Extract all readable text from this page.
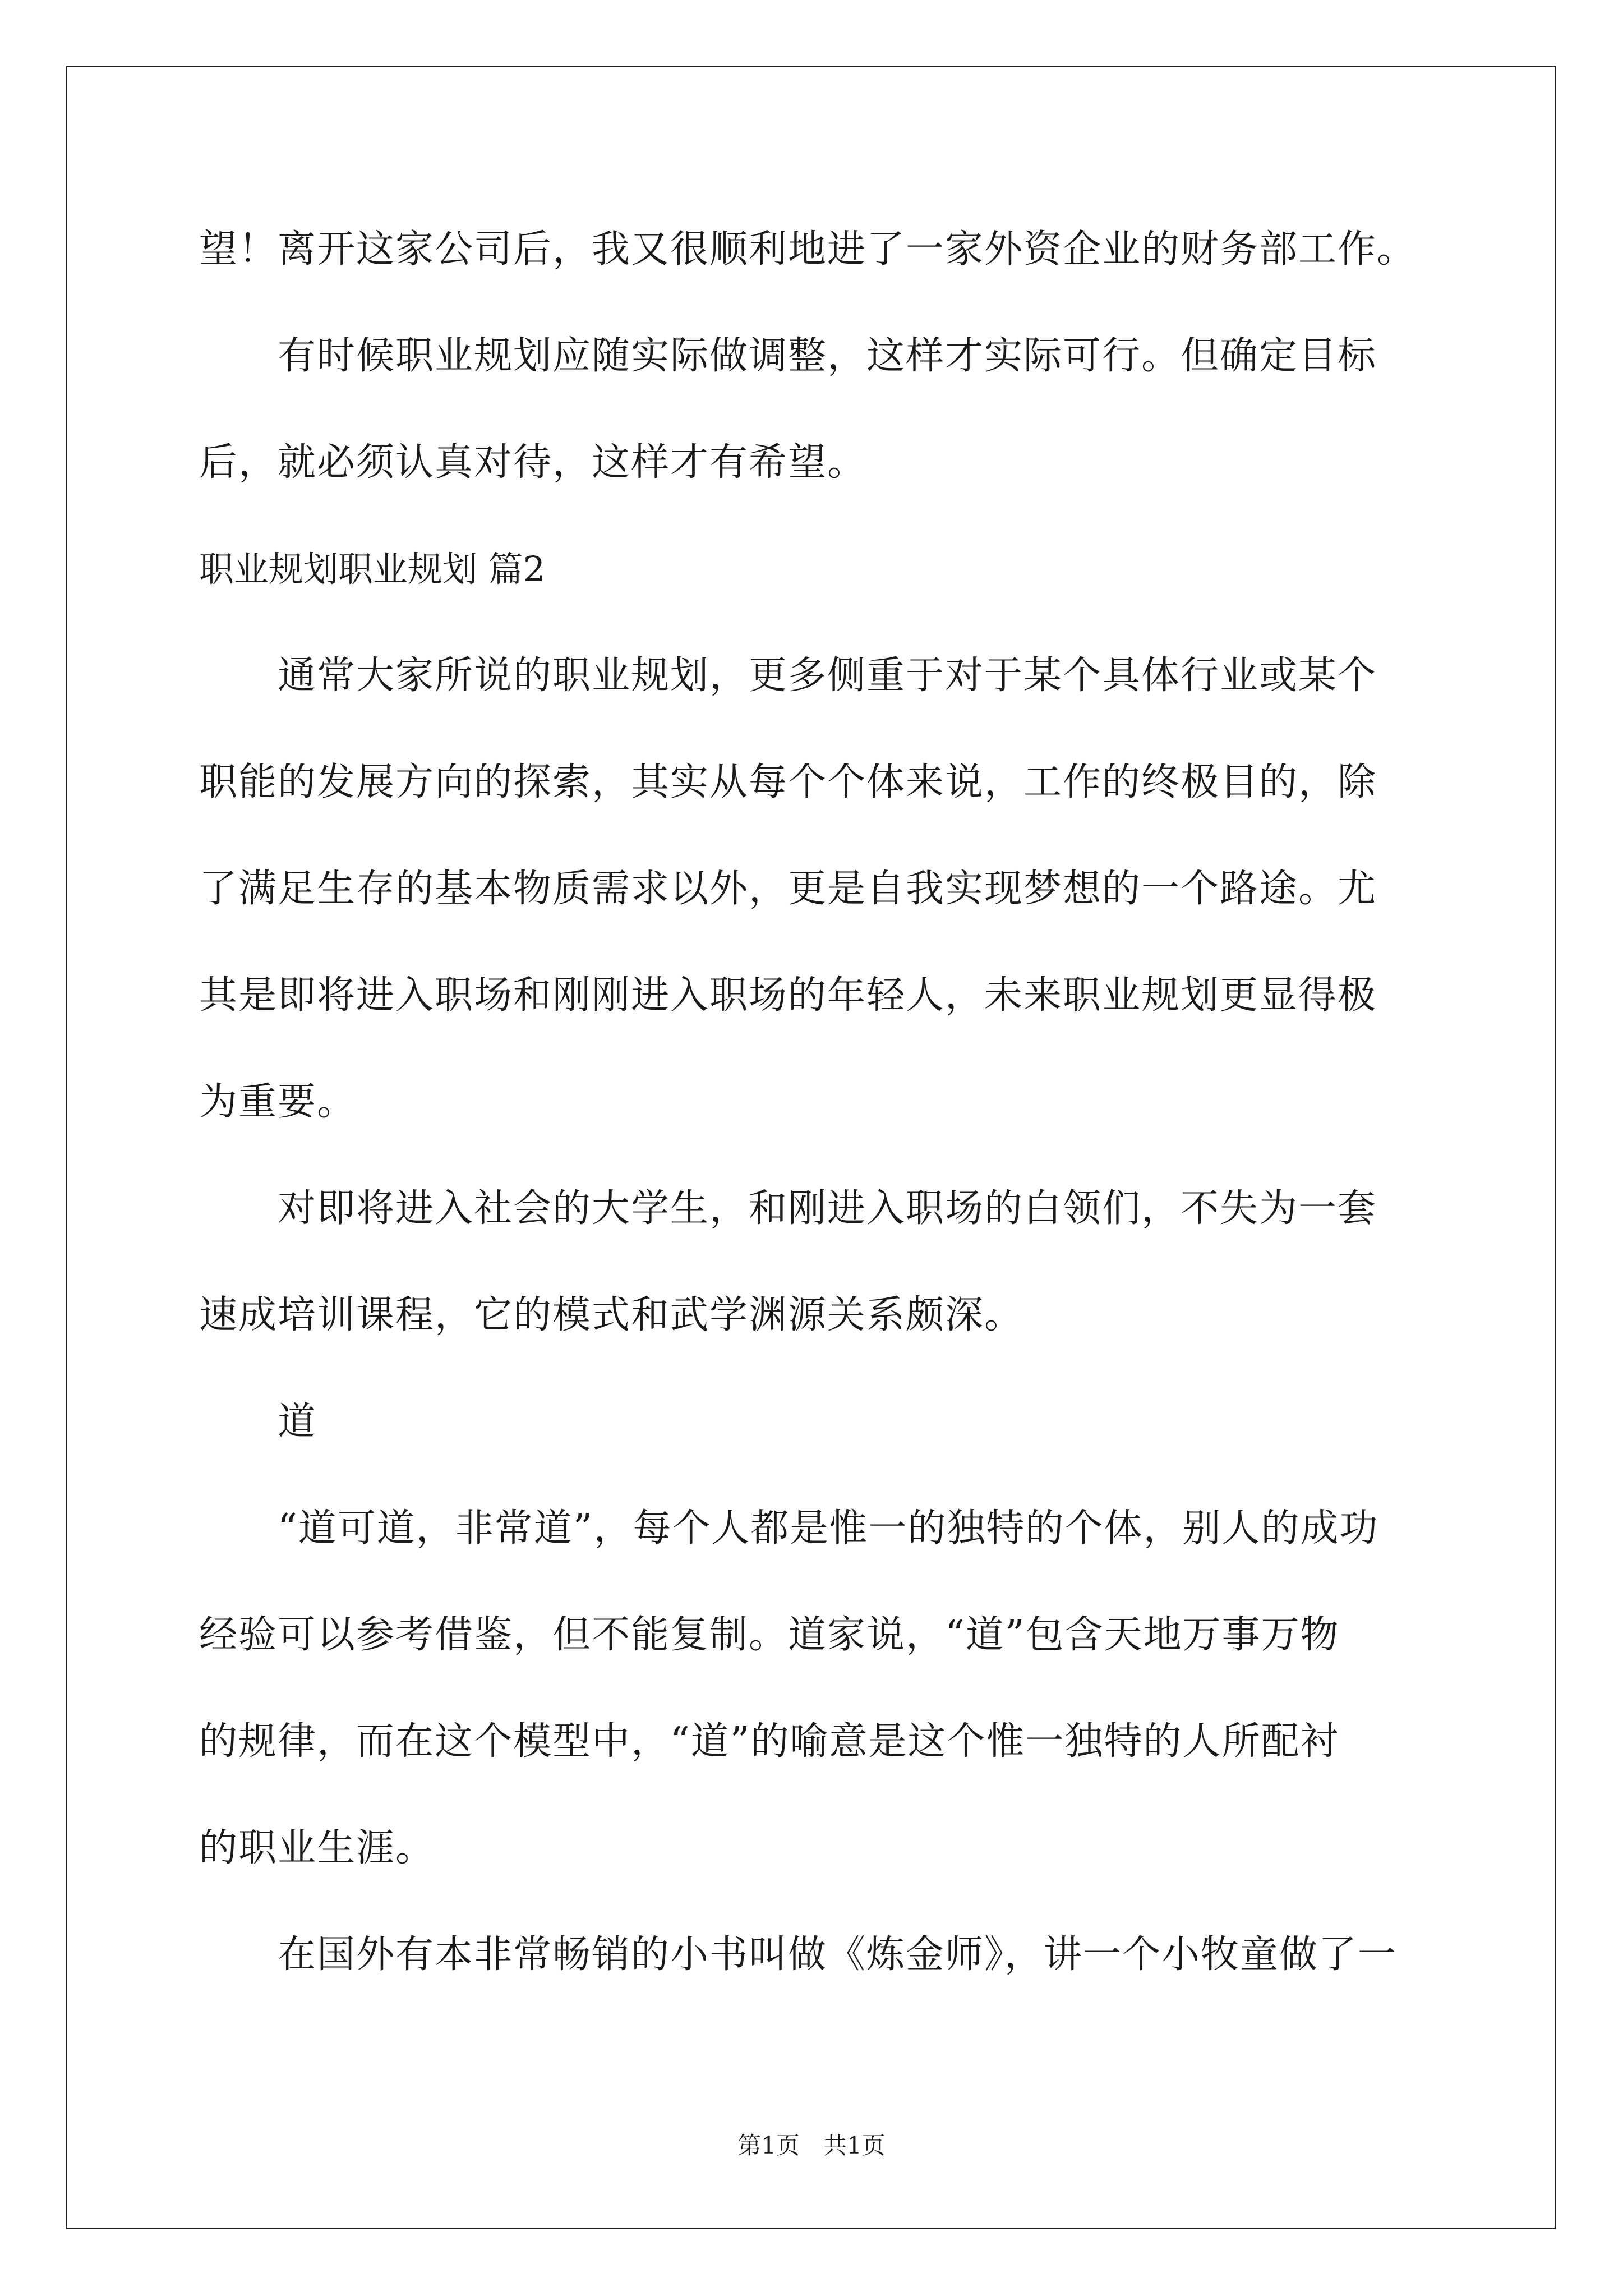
望！离开这家公司后，我又很顺利地进了一家外资企业的财务部工作。
　　有时候职业规划应随实际做调整，这样才实际可行。但确定目标
后，就必须认真对待，这样才有希望。
职业规划职业规划 篇2
　　通常大家所说的职业规划，更多侧重于对于某个具体行业或某个
职能的发展方向的探索，其实从每个个体来说，工作的终极目的，除
了满足生存的基本物质需求以外，更是自我实现梦想的一个路途。尤
其是即将进入职场和刚刚进入职场的年轻人，未来职业规划更显得极
为重要。
　　对即将进入社会的大学生，和刚进入职场的白领们，不失为一套
速成培训课程，它的模式和武学渊源关系颇深。
　　道
　　“道可道，非常道”，每个人都是惟一的独特的个体，别人的成功
经验可以参考借鉴，但不能复制。道家说，“道”包含天地万事万物
的规律，而在这个模型中，“道”的喻意是这个惟一独特的人所配衬
的职业生涯。
　　在国外有本非常畅销的小书叫做《炼金师》，讲一个小牧童做了一
第1页　共1页
